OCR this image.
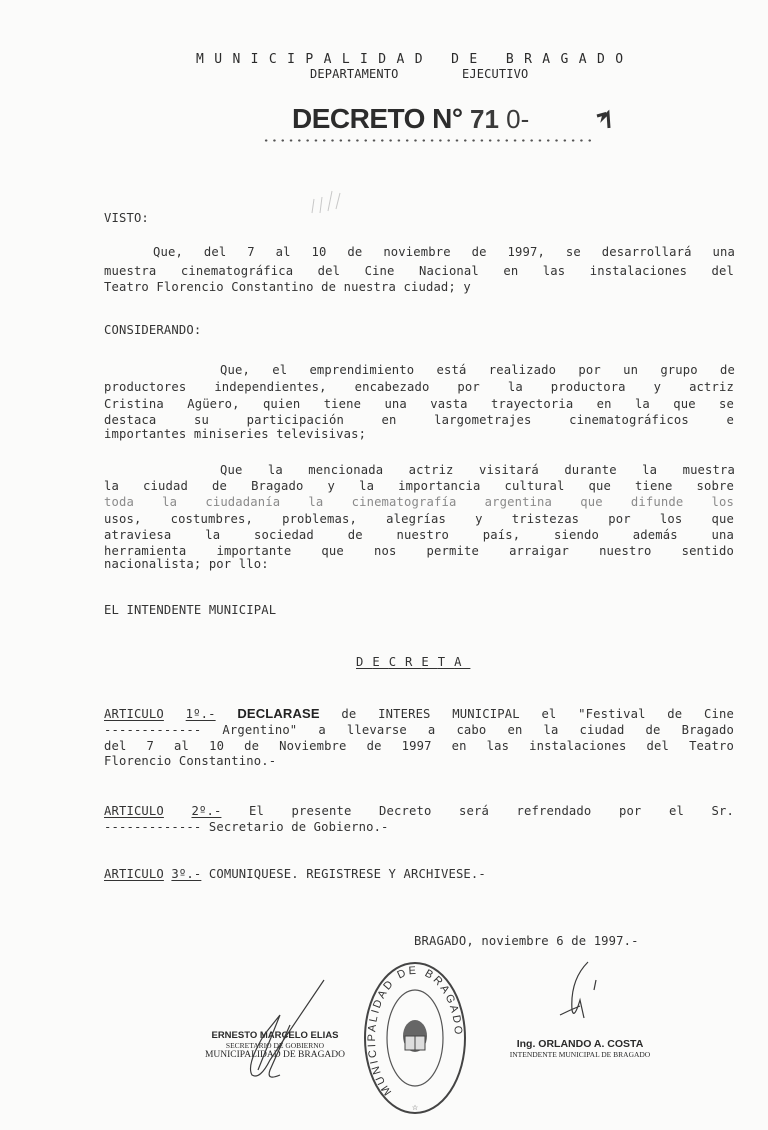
MUNICIPALIDAD DE BRAGADO
DEPARTAMENTO	EJECUTIVO
DECRETO N° 71 0-
VISTO:
Que, del 7 al 10 de noviembre de 1997, se desarrollará una
muestra cinematográfica del Cine Nacional en las instalaciones del
Teatro Florencio Constantino de nuestra ciudad; y
CONSIDERANDO:
Que, el emprendimiento está realizado por un grupo de
productores independientes, encabezado por la productora y actriz
Cristina Agüero, quien tiene una vasta trayectoria en la que se
destaca su participación en largometrajes cinematográficos e
importantes miniseries televisivas;
Que la mencionada actriz visitará durante la muestra
la ciudad de Bragado y la importancia cultural que tiene sobre
toda la ciudadanía la cinematografía argentina que difunde los
usos, costumbres, problemas, alegrías y tristezas por los que
atraviesa la sociedad de nuestro país, siendo además una
herramienta importante que nos permite arraigar nuestro sentido
nacionalista; por llo:
EL INTENDENTE MUNICIPAL
DECRETA
ARTICULO 1º.- DECLARASE de INTERES MUNICIPAL el "Festival de Cine
------------- Argentino" a llevarse a cabo en la ciudad de Bragado
del 7 al 10 de Noviembre de 1997 en las instalaciones del Teatro
Florencio Constantino.-
ARTICULO 2º.- El presente Decreto será refrendado por el Sr.
------------- Secretario de Gobierno.-
ARTICULO 3º.- COMUNIQUESE. REGISTRESE Y ARCHIVESE.-
BRAGADO, noviembre 6 de 1997.-
ERNESTO MARCELO ELIAS
SECRETARIO DE GOBIERNO
MUNICIPALIDAD DE BRAGADO
MUNICIPALIDAD DE BRAGADO
☆
Ing. ORLANDO A. COSTA
INTENDENTE MUNICIPAL DE BRAGADO
